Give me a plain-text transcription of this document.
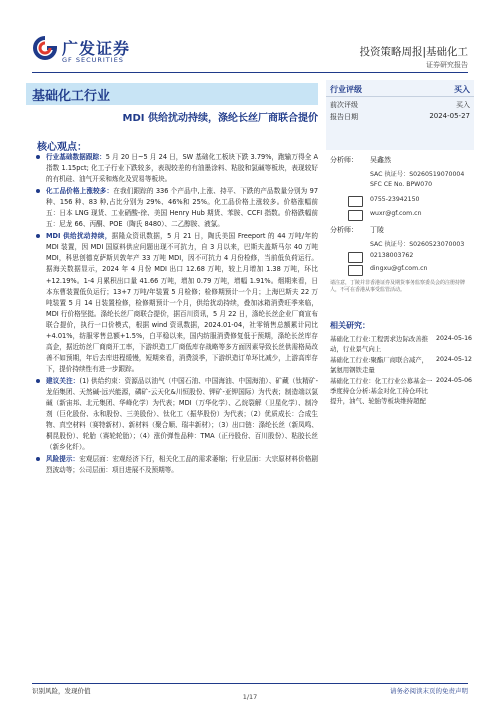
广发证券
GF SECURITIES
投资策略周报|基础化工
证券研究报告
基础化工行业
MDI 供给扰动持续，涤纶长丝厂商联合提价
核心观点：
行业基础数据跟踪：5 月 20 日~5 月 24 日，SW 基础化工板块下跌 3.79%，跑输万得全 A 指数 1.15pct; 化工子行业下跌较多，表现较差的有油墨涂料、粘胶和氯碱等板块，表现较好的有机硅、油气开采和炼化及贸易等板块。
化工品价格上涨较多：在我们跟踪的 336 个产品中,上涨、持平、下跌的产品数量分别为 97 种、156 种、83 种,占比分别为 29%、46%和 25%。化工品价格上涨较多。价格涨幅前五：日本 LNG 现货、工业硝酸-徐、美国 Henry Hub 期货、苯胺、CCFI 指数。价格跌幅前五：尼龙 66、丙酮、POE（陶氏 8480）、二乙醇胺、液氯。
MDI 供给扰动持续，据隆众资讯数据，5 月 21 日，陶氏美国 Freeport 的 44 万吨/年的 MDI 装置，因 MDI 国原料供应问题出现不可抗力，自 3 月以来，巴斯夫盖斯马尔 40 万吨 MDI，科思创德克萨斯贝敦年产 33 万吨 MDI，因不可抗力 4 月份检修，当前低负荷运行。据海关数据显示，2024 年 4 月份 MDI 出口 12.68 万吨，较上月增加 1.38 万吨，环比+12.19%。1-4 月累积出口量 41.66 万吨，增加 0.79 万吨，增幅 1.91%。烟期来看，日本东曹装置低负运行；13+7 万吨/年装置 5 月检修；检修期预计一个月；上海巴斯夫 22 万吨装置 5 月 14 日装置检修，检修期预计一个月，供给扰动持续，叠加冰箱消费旺季来临，MDI 行价格坚挺。涤纶长丝厂商联合提价，据百川资讯，5 月 22 日，涤纶长丝企业厂商宣布联合提价，执行一口价模式，根据 wind 资讯数据，2024.01-04，社零销售总额累计同比+4.01%，纺服零售总额+1.5%，白平稳以来，国内纺服消费修复低于预期，涤纶长丝库存高企，据近纺丝厂商商开工率，下游织造工厂商低库存战略等多方面因素导致长丝供需格局改善不如预期，年后去库进程缓慢，短期来看，消费淡季，下游织造订单环比减少，上游高库存下，提价持续性有进一步跟踪。
建议关注：(1) 供给约束：资源品以油气（中国石油、中国海油、中国海油）、矿藏（钛精矿-龙佰集团、天然碱-远兴能源，磷矿-云天化&川恒股份、钾矿-亚钾国际）为代表；制造端以氯碱（新宙邦、北元集团、华峰化学）为代表；MDI（万华化学）、乙烷裂解（卫星化学）、制冷剂（巨化股份、永和股份、三美股份）、钛化工（振华股份）为代表；（2）优质成长：合成生物、真空材料（赛特新材）、新材料（聚合顺、瑞丰新材）；（3）出口链：涤纶长丝（新凤鸣、桐昆股份）、轮胎（赛轮轮胎）；（4）涨价弹性品种：TMA（正丹股份、百川股份）、粘胶长丝（新乡化纤）。
风险提示：宏观层面：宏观经济下行，相关化工品的需求萎缩；行业层面：大宗原材料价格剧烈波动等；公司层面：项目进展不及预期等。
行业评级	买入
前次评级	买入
报告日期	2024-05-27
分析师： 吴鑫然
SAC 执证号：S0260519070004
SFC CE No. BPW070
0755-23942150
wuxr@gf.com.cn
分析师： 丁陵
SAC 执证号：S0260523070003
02138003762
dingxu@gf.com.cn
请注意，丁陵并非香港证券及期货事务监察委员会的注册持牌人，不可在香港从事受监管活动。
相关研究：
基础化工行业:工程需求边际改善推动，行业景气向上
2024-05-16
基础化工行业:聚酯厂商联合减产，氯氨用钢铁走量
2024-05-12
基础化工行业：化工行业公募基金一季度持仓分析:基金对化工持仓环比提升，油气、轮胎等板块维持超配
2024-05-06
识别风险，发现价值	请务必阅读末页的免责声明
1/17
